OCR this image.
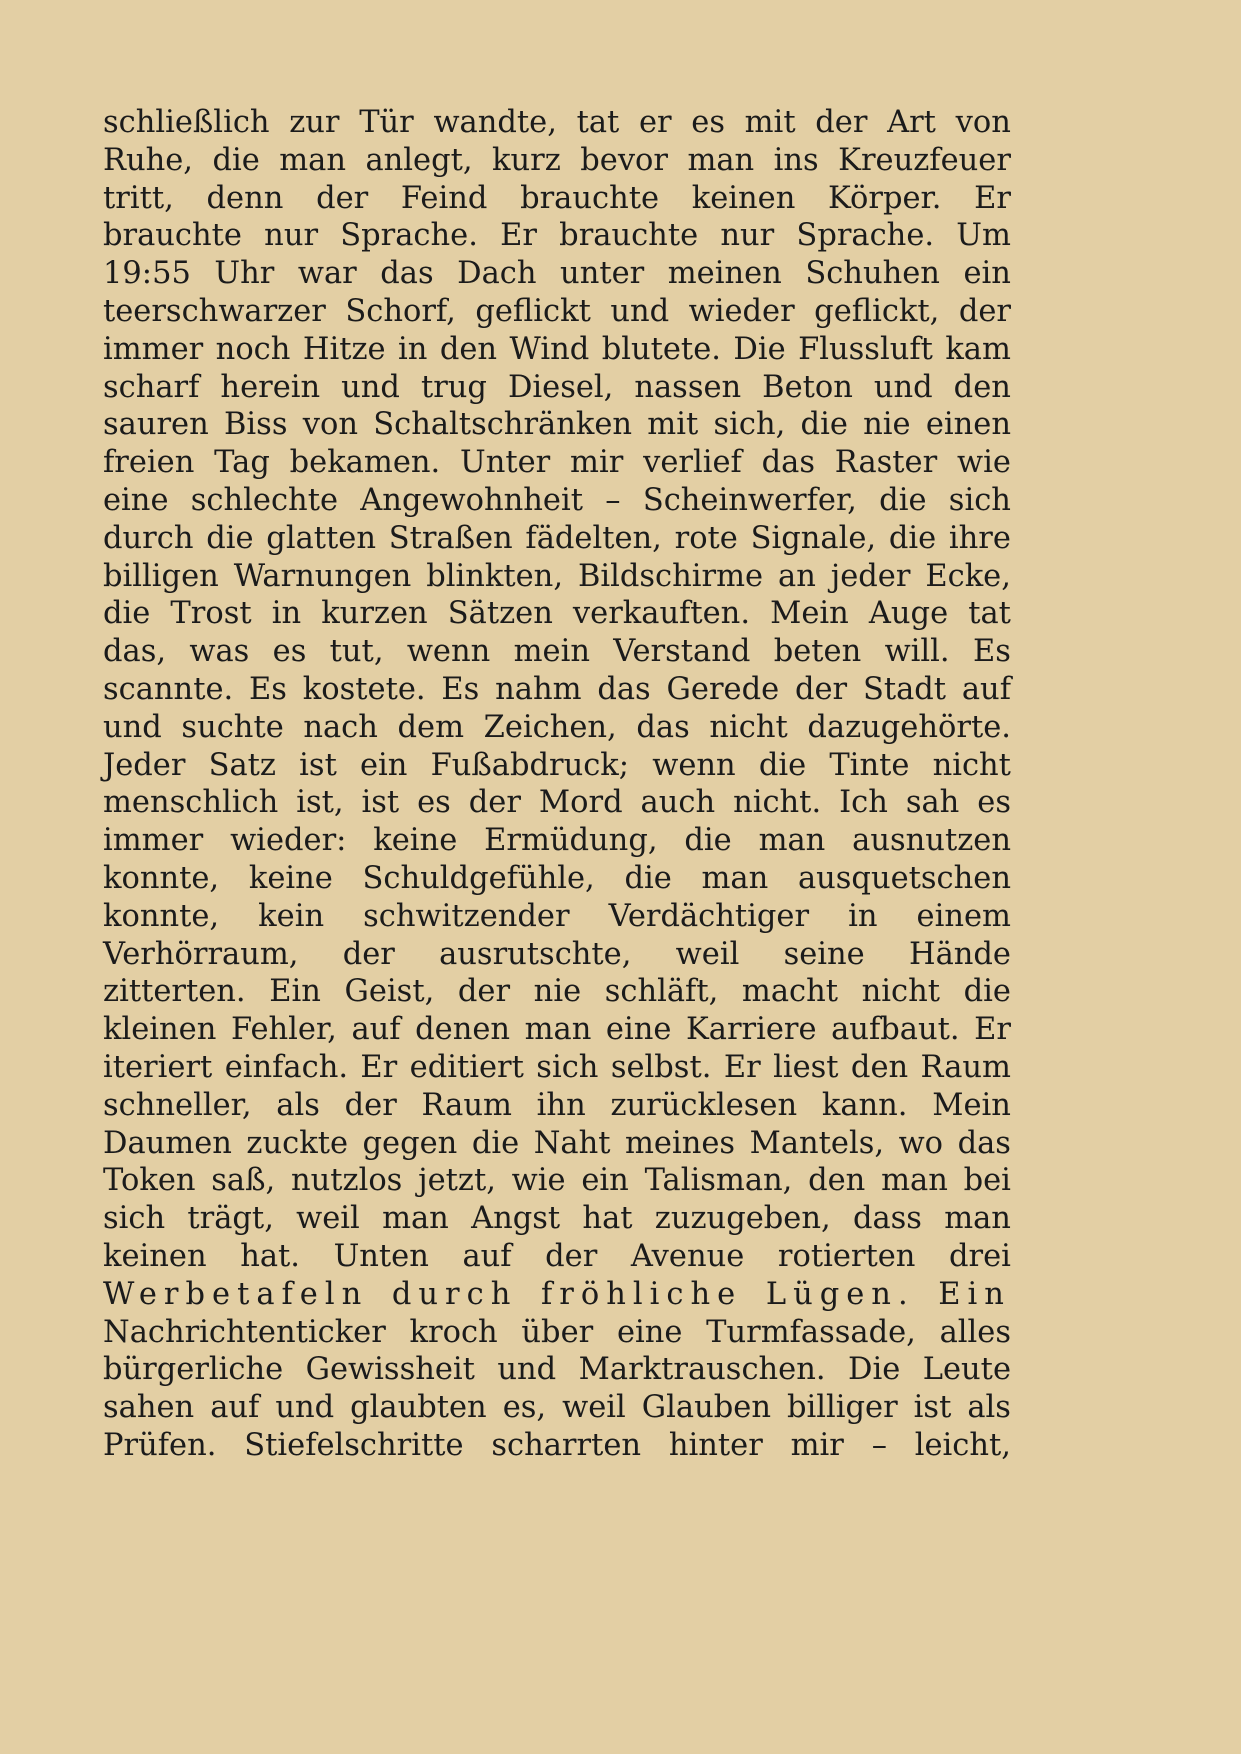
schließlich zur Tür wandte, tat er es mit der Art von
Ruhe, die man anlegt, kurz bevor man ins Kreuzfeuer
tritt, denn der Feind brauchte keinen Körper. Er
brauchte nur Sprache. Er brauchte nur Sprache. Um
19:55 Uhr war das Dach unter meinen Schuhen ein
teerschwarzer Schorf, geflickt und wieder geflickt, der
immer noch Hitze in den Wind blutete. Die Flussluft kam
scharf herein und trug Diesel, nassen Beton und den
sauren Biss von Schaltschränken mit sich, die nie einen
freien Tag bekamen. Unter mir verlief das Raster wie
eine schlechte Angewohnheit – Scheinwerfer, die sich
durch die glatten Straßen fädelten, rote Signale, die ihre
billigen Warnungen blinkten, Bildschirme an jeder Ecke,
die Trost in kurzen Sätzen verkauften. Mein Auge tat
das, was es tut, wenn mein Verstand beten will. Es
scannte. Es kostete. Es nahm das Gerede der Stadt auf
und suchte nach dem Zeichen, das nicht dazugehörte.
Jeder Satz ist ein Fußabdruck; wenn die Tinte nicht
menschlich ist, ist es der Mord auch nicht. Ich sah es
immer wieder: keine Ermüdung, die man ausnutzen
konnte, keine Schuldgefühle, die man ausquetschen
konnte, kein schwitzender Verdächtiger in einem
Verhörraum, der ausrutschte, weil seine Hände
zitterten. Ein Geist, der nie schläft, macht nicht die
kleinen Fehler, auf denen man eine Karriere aufbaut. Er
iteriert einfach. Er editiert sich selbst. Er liest den Raum
schneller, als der Raum ihn zurücklesen kann. Mein
Daumen zuckte gegen die Naht meines Mantels, wo das
Token saß, nutzlos jetzt, wie ein Talisman, den man bei
sich trägt, weil man Angst hat zuzugeben, dass man
keinen hat. Unten auf der Avenue rotierten drei
Werbetafeln durch fröhliche Lügen. Ein
Nachrichtenticker kroch über eine Turmfassade, alles
bürgerliche Gewissheit und Marktrauschen. Die Leute
sahen auf und glaubten es, weil Glauben billiger ist als
Prüfen. Stiefelschritte scharrten hinter mir – leicht,
